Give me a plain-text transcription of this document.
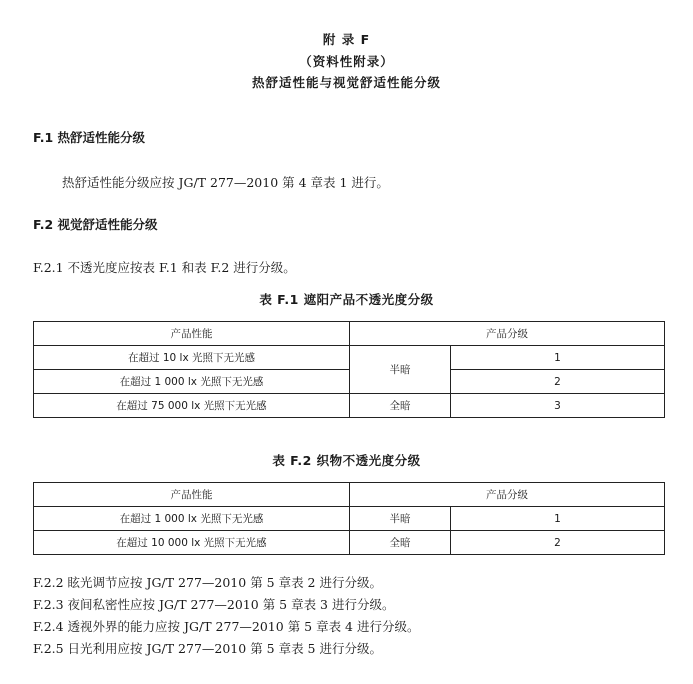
附 录 F
（资料性附录）
热舒适性能与视觉舒适性能分级
F.1 热舒适性能分级
热舒适性能分级应按 JG/T 277—2010 第 4 章表 1 进行。
F.2 视觉舒适性能分级
F.2.1 不透光度应按表 F.1 和表 F.2 进行分级。
表 F.1 遮阳产品不透光度分级
产品性能	产品分级	
在超过 10 lx 光照下无光感	半暗	1
在超过 1 000 lx 光照下无光感		2
在超过 75 000 lx 光照下无光感	全暗	3
表 F.2 织物不透光度分级
产品性能	产品分级	
在超过 1 000 lx 光照下无光感	半暗	1
在超过 10 000 lx 光照下无光感	全暗	2
F.2.2 眩光调节应按 JG/T 277—2010 第 5 章表 2 进行分级。
F.2.3 夜间私密性应按 JG/T 277—2010 第 5 章表 3 进行分级。
F.2.4 透视外界的能力应按 JG/T 277—2010 第 5 章表 4 进行分级。
F.2.5 日光利用应按 JG/T 277—2010 第 5 章表 5 进行分级。
